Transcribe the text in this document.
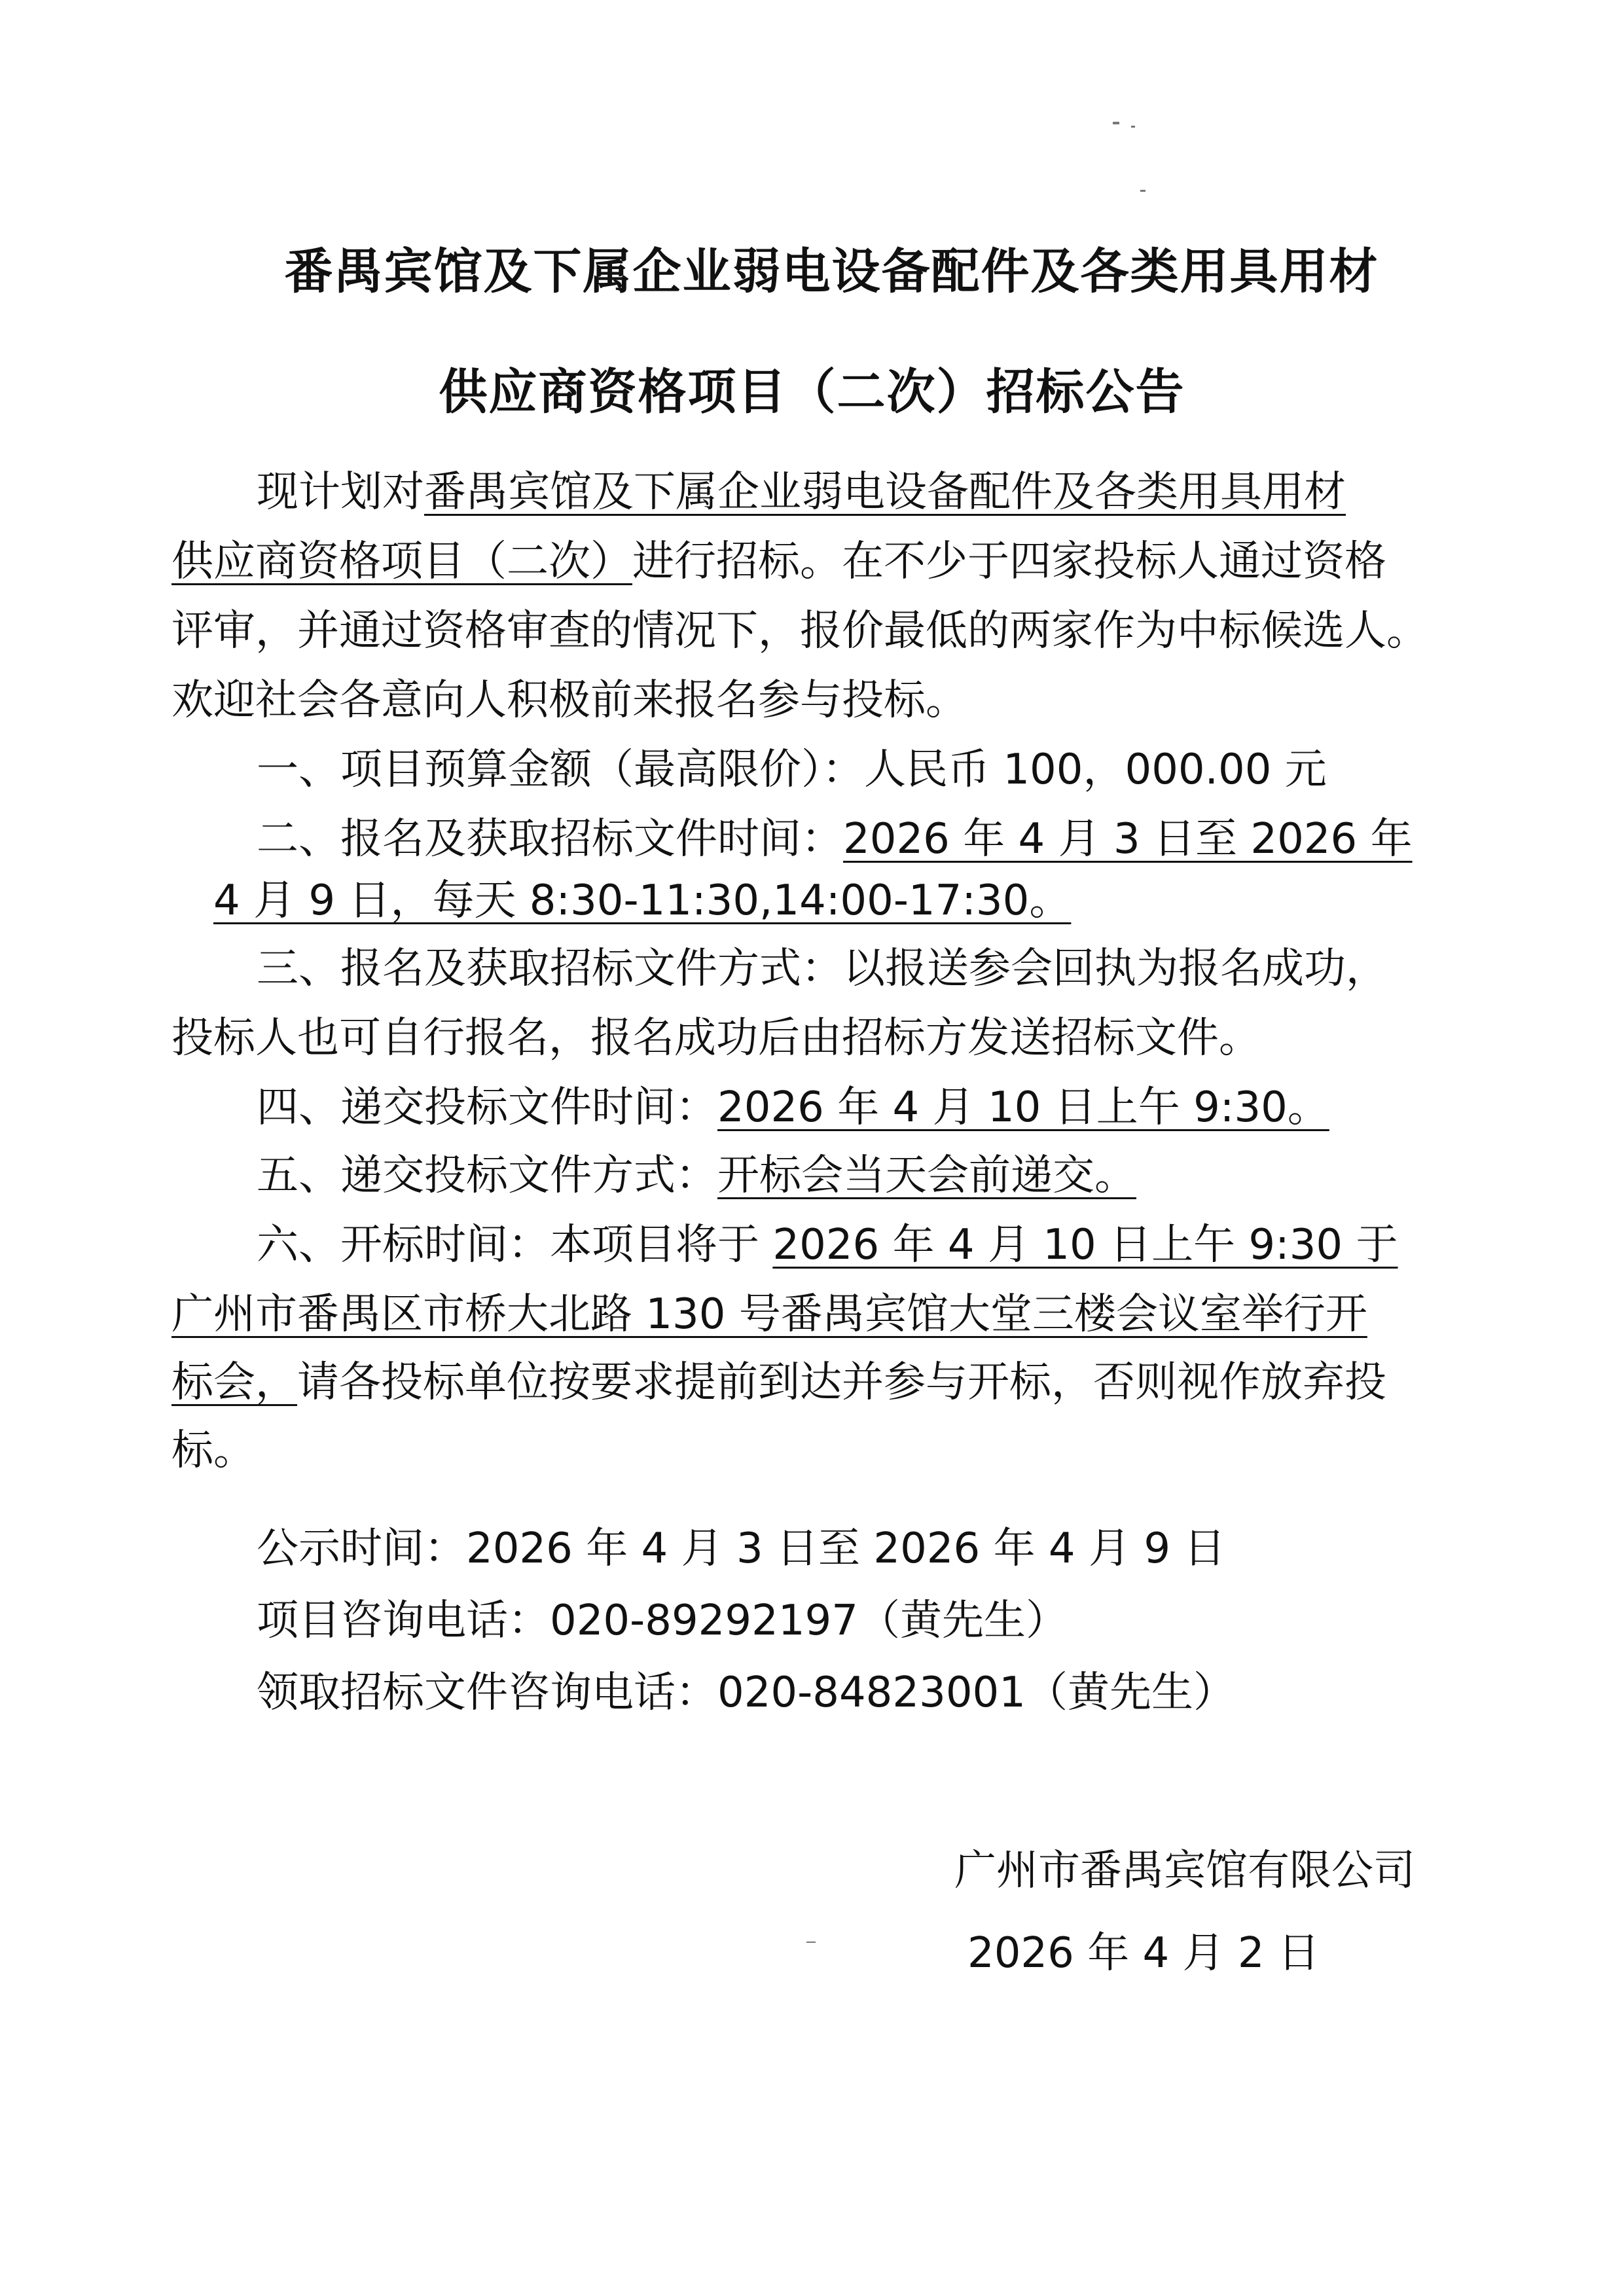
番禺宾馆及下属企业弱电设备配件及各类用具用材
供应商资格项目（二次）招标公告
现计划对番禺宾馆及下属企业弱电设备配件及各类用具用材
供应商资格项目（二次）进行招标。在不少于四家投标人通过资格
评审，并通过资格审查的情况下，报价最低的两家作为中标候选人。
欢迎社会各意向人积极前来报名参与投标。
一、项目预算金额（最高限价）：人民币 100，000.00 元
二、报名及获取招标文件时间：2026 年 4 月 3 日至 2026 年
4 月 9 日，每天 8:30-11:30,14:00-17:30。
三、报名及获取招标文件方式：以报送参会回执为报名成功，
投标人也可自行报名，报名成功后由招标方发送招标文件。
四、递交投标文件时间：2026 年 4 月 10 日上午 9:30。
五、递交投标文件方式：开标会当天会前递交。
六、开标时间：本项目将于 2026 年 4 月 10 日上午 9:30 于
广州市番禺区市桥大北路 130 号番禺宾馆大堂三楼会议室举行开
标会，请各投标单位按要求提前到达并参与开标，否则视作放弃投
标。
公示时间：2026 年 4 月 3 日至 2026 年 4 月 9 日
项目咨询电话：020-89292197（黄先生）
领取招标文件咨询电话：020-84823001（黄先生）
广州市番禺宾馆有限公司
2026 年 4 月 2 日
